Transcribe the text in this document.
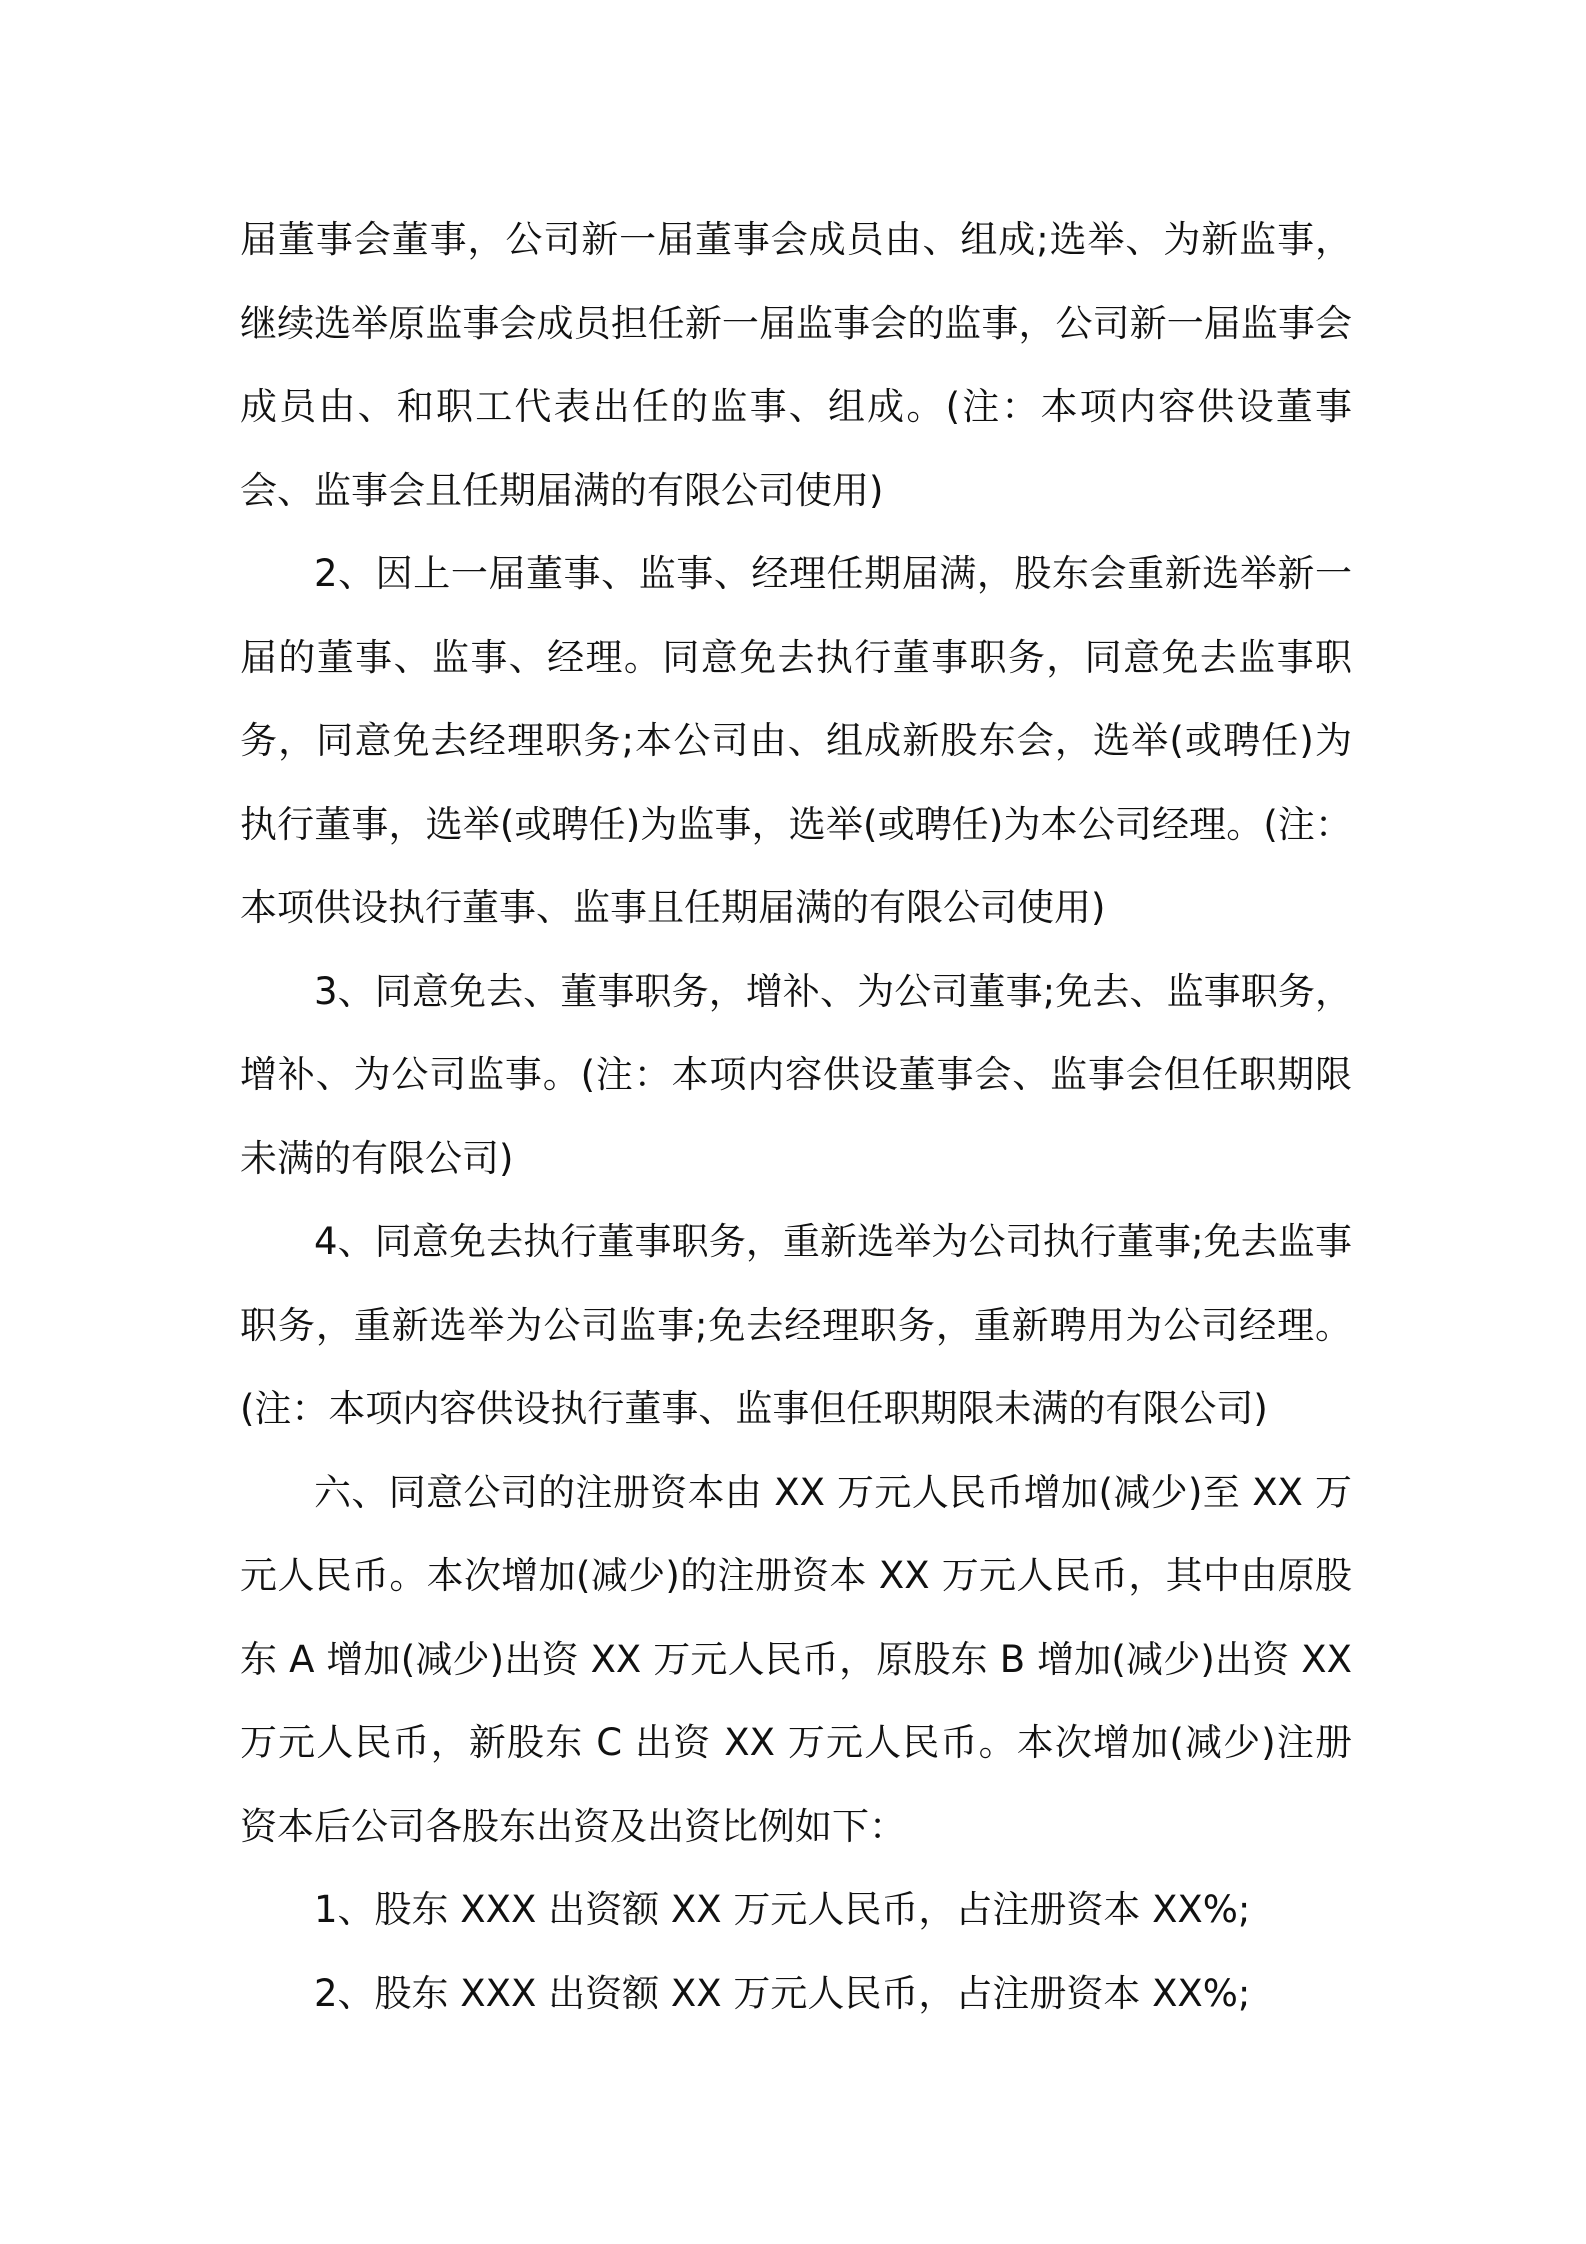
届董事会董事，公司新一届董事会成员由、组成;选举、为新监事，继续选举原监事会成员担任新一届监事会的监事，公司新一届监事会成员由、和职工代表出任的监事、组成。(注：本项内容供设董事会、监事会且任期届满的有限公司使用)

2、因上一届董事、监事、经理任期届满，股东会重新选举新一届的董事、监事、经理。同意免去执行董事职务，同意免去监事职务，同意免去经理职务;本公司由、组成新股东会，选举(或聘任)为执行董事，选举(或聘任)为监事，选举(或聘任)为本公司经理。(注：本项供设执行董事、监事且任期届满的有限公司使用)

3、同意免去、董事职务，增补、为公司董事;免去、监事职务，增补、为公司监事。(注：本项内容供设董事会、监事会但任职期限未满的有限公司)

4、同意免去执行董事职务，重新选举为公司执行董事;免去监事职务，重新选举为公司监事;免去经理职务，重新聘用为公司经理。(注：本项内容供设执行董事、监事但任职期限未满的有限公司)

六、同意公司的注册资本由 XX 万元人民币增加(减少)至 XX 万元人民币。本次增加(减少)的注册资本 XX 万元人民币，其中由原股东 A 增加(减少)出资 XX 万元人民币，原股东 B 增加(减少)出资 XX 万元人民币，新股东 C 出资 XX 万元人民币。本次增加(减少)注册资本后公司各股东出资及出资比例如下：

1、股东 XXX 出资额 XX 万元人民币，占注册资本 XX%;

2、股东 XXX 出资额 XX 万元人民币，占注册资本 XX%;
